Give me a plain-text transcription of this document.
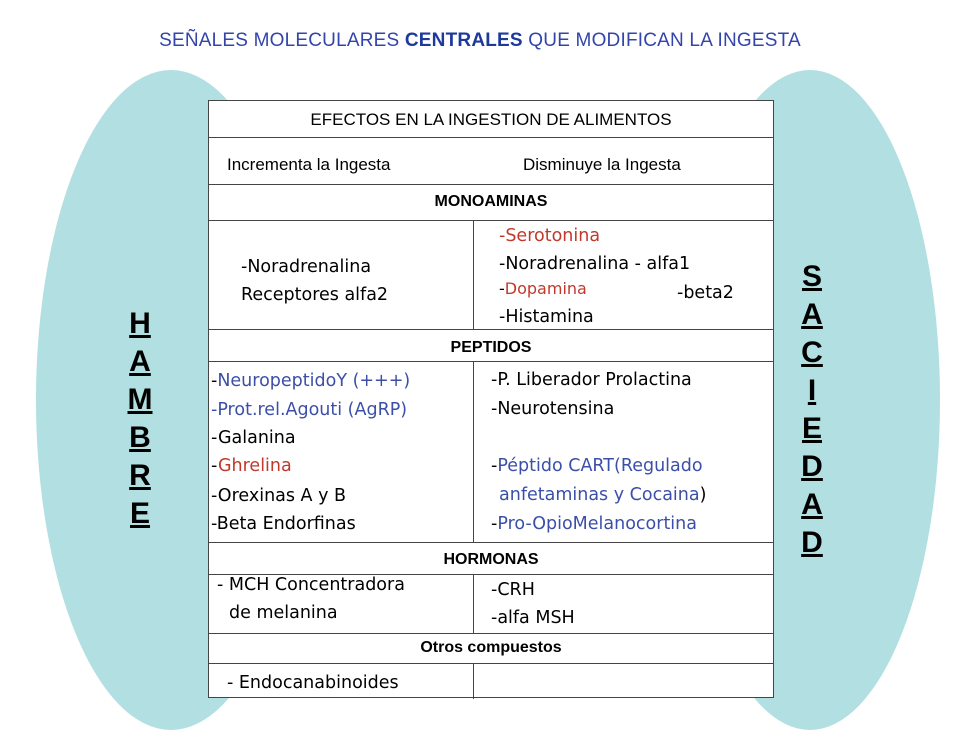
SEÑALES MOLECULARES CENTRALES QUE MODIFICAN LA INGESTA
H
A
M
B
R
E
S
A
C
I
E
D
A
D
EFECTOS EN LA INGESTION DE ALIMENTOS
Incrementa la Ingesta	Disminuye la Ingesta
MONOAMINAS
-Noradrenalina
Receptores alfa2
-Serotonina
-Noradrenalina - alfa1
-Dopamina	-beta2
-Histamina
PEPTIDOS
-NeuropeptidoY (+++)
-Prot.rel.Agouti (AgRP)
-Galanina
-Ghrelina
-Orexinas A y B
-Beta Endorfinas
-P. Liberador Prolactina
-Neurotensina
-Péptido CART(Regulado
anfetaminas y Cocaina)
-Pro-OpioMelanocortina
HORMONAS
- MCH Concentradora
de melanina
-CRH
-alfa MSH
Otros compuestos
- Endocanabinoides
